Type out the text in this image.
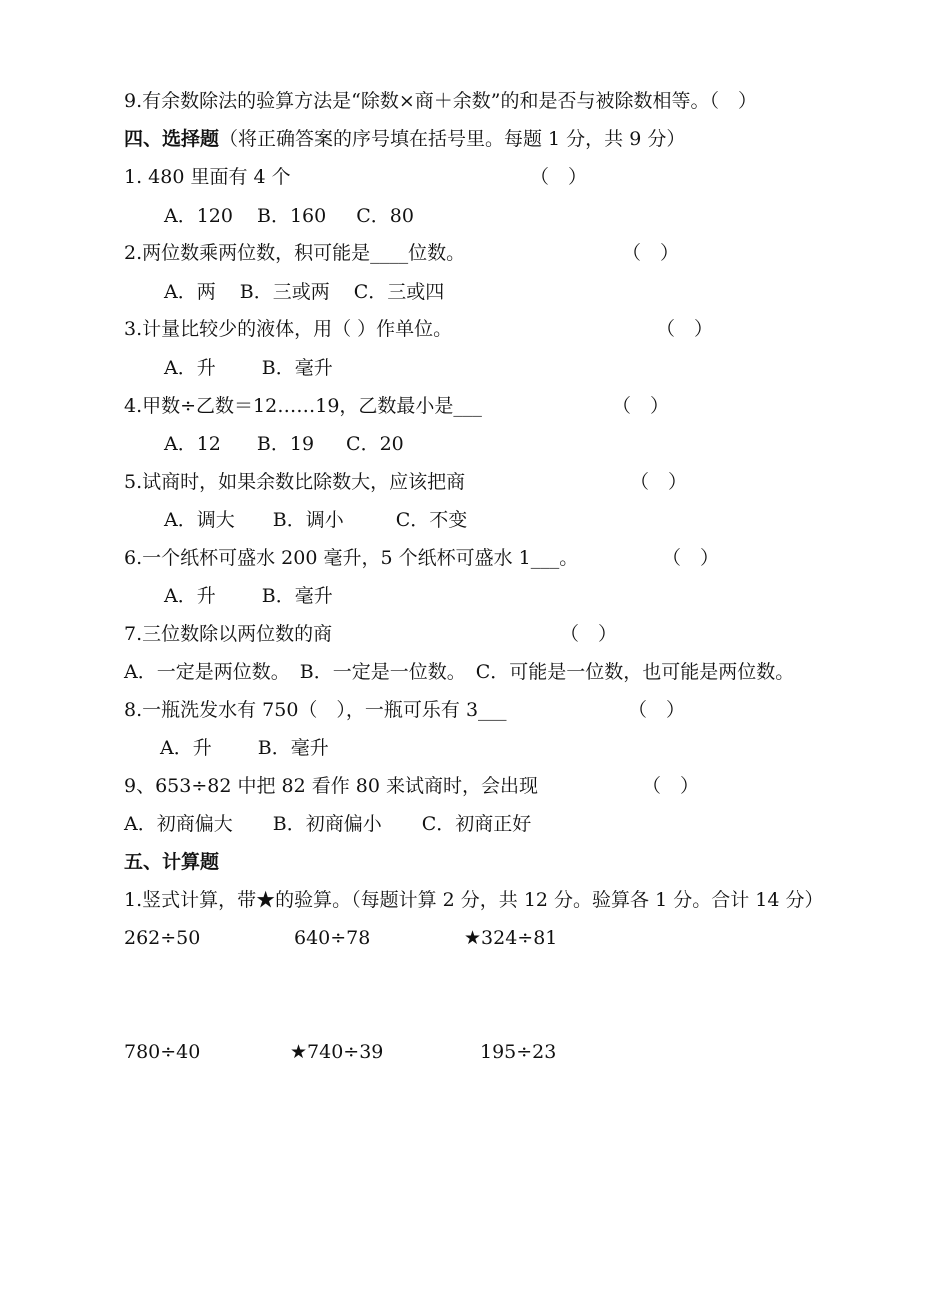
9.有余数除法的验算方法是“除数×商＋余数”的和是否与被除数相等。（　）
四、选择题（将正确答案的序号填在括号里。每题 1 分，共 9 分）
1. 480 里面有 4 个	（　）
A．120 B．160 C．80
2.两位数乘两位数，积可能是____位数。	（　）
A．两 B．三或两 C．三或四
3.计量比较少的液体，用（ ）作单位。	（　）
A．升 B．毫升
4.甲数÷乙数＝12……19，乙数最小是___	（　）
A．12 B．19 C．20
5.试商时，如果余数比除数大，应该把商	（　）
A．调大 B．调小	C．不变
6.一个纸杯可盛水 200 毫升，5 个纸杯可盛水 1___。	（　）
A．升 B．毫升
7.三位数除以两位数的商	（　）
A．一定是两位数。 B．一定是一位数。 C．可能是一位数，也可能是两位数。
8.一瓶洗发水有 750（　），一瓶可乐有 3___	（　）
A．升 B．毫升
9、653÷82 中把 82 看作 80 来试商时，会出现	（　）
A．初商偏大 B．初商偏小 C．初商正好
五、计算题
1.竖式计算，带★的验算。（每题计算 2 分，共 12 分。验算各 1 分。合计 14 分）
262÷50	640÷78	★324÷81
780÷40	★740÷39	195÷23
